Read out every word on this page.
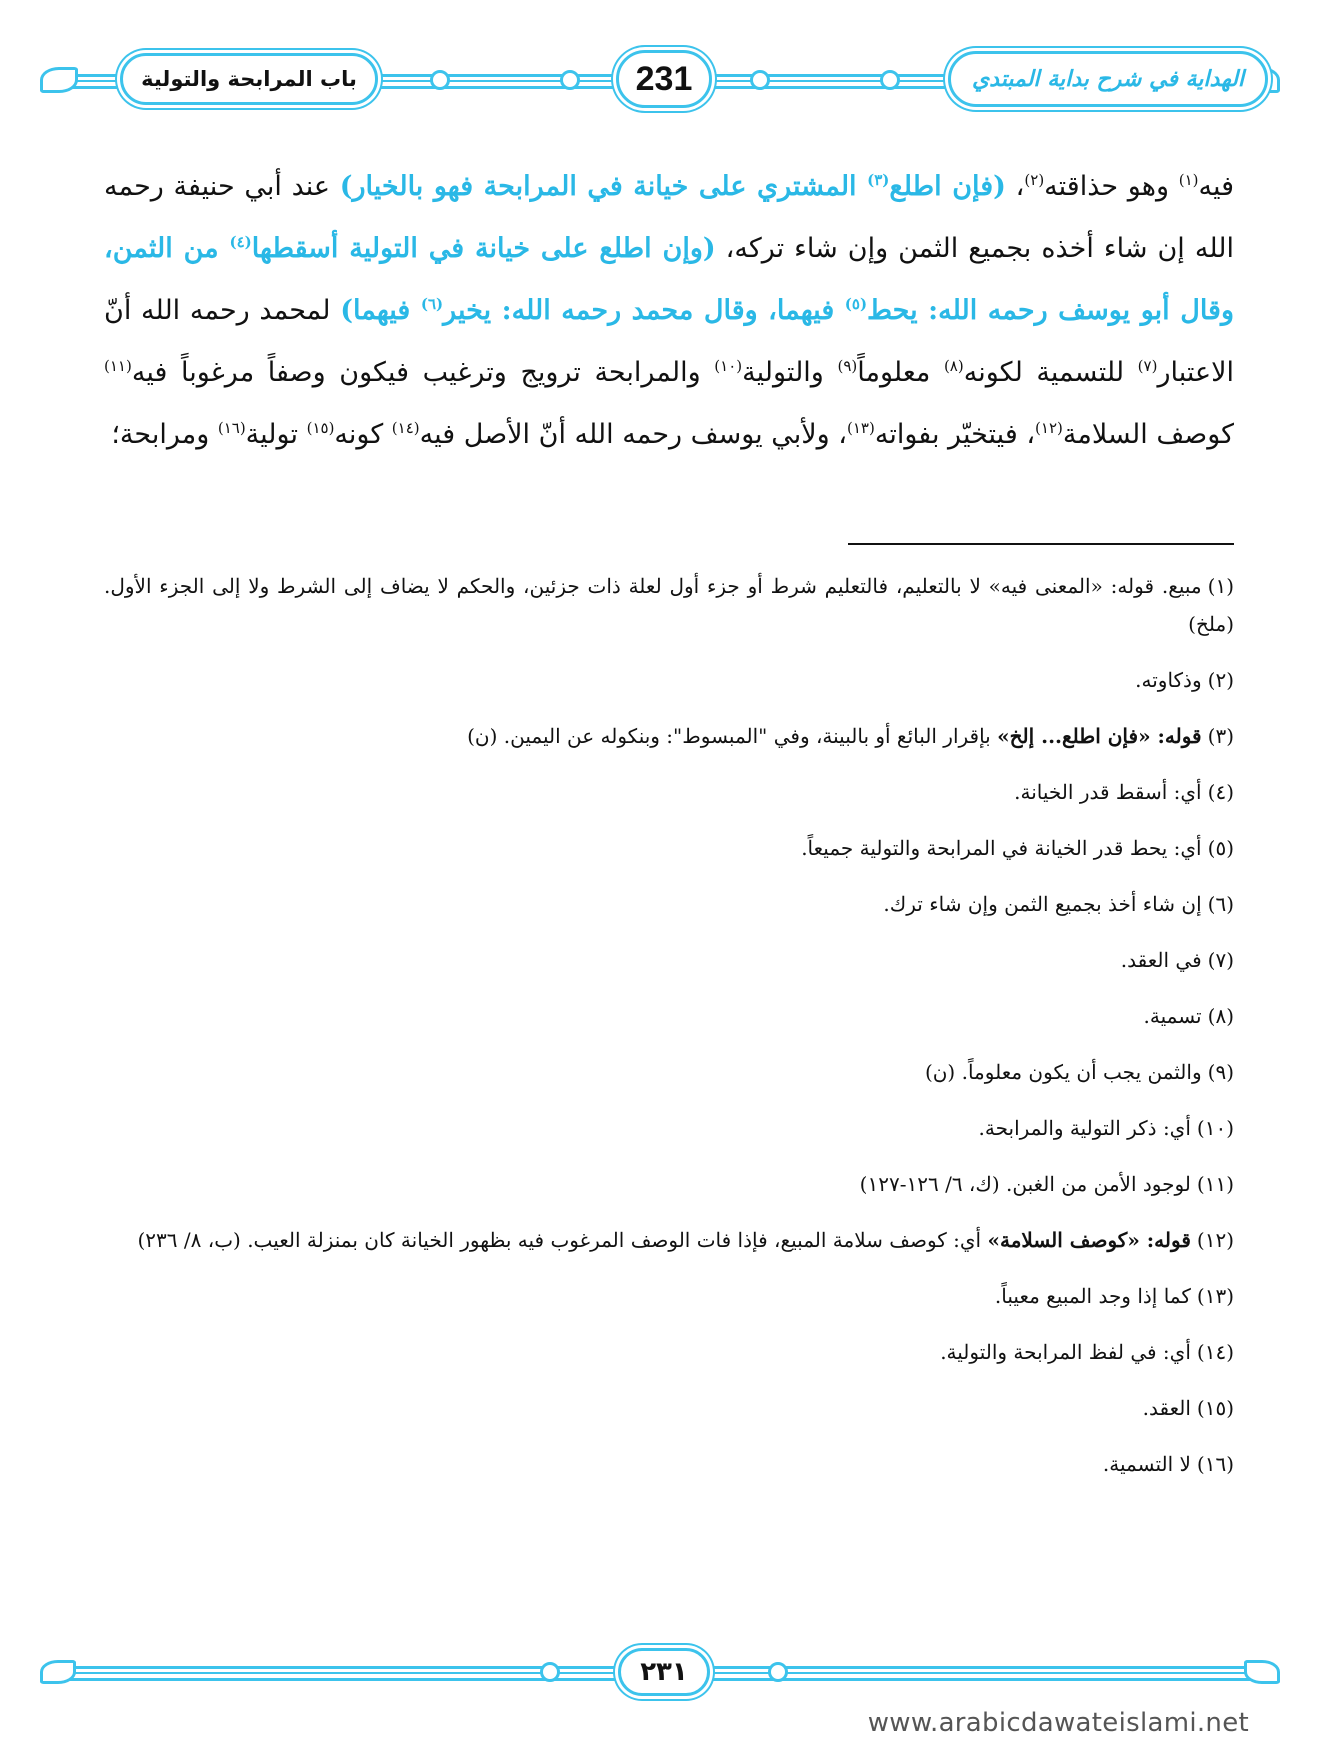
باب المرابحة والتولية	231	الهداية في شرح بداية المبتدي
فيه$^{(١)}$ وهو حذاقته$^{(٢)}$، (فإن اطلع$^{(٣)}$ المشتري على خيانة في المرابحة فهو بالخيار) عند أبي حنيفة رحمه الله إن شاء أخذه بجميع الثمن وإن شاء تركه، (وإن اطلع على خيانة في التولية أسقطها$^{(٤)}$ من الثمن، وقال أبو يوسف رحمه الله: يحط$^{(٥)}$ فيهما، وقال محمد رحمه الله: يخير$^{(٦)}$ فيهما) لمحمد رحمه الله أنّ الاعتبار$^{(٧)}$ للتسمية لكونه$^{(٨)}$ معلوماً$^{(٩)}$ والتولية$^{(١٠)}$ والمرابحة ترويج وترغيب فيكون وصفاً مرغوباً فيه$^{(١١)}$ كوصف السلامة$^{(١٢)}$، فيتخيّر بفواته$^{(١٣)}$، ولأبي يوسف رحمه الله أنّ الأصل فيه$^{(١٤)}$ كونه$^{(١٥)}$ تولية$^{(١٦)}$ ومرابحة؛
(١)مبيع. قوله: «المعنى فيه» لا بالتعليم، فالتعليم شرط أو جزء أول لعلة ذات جزئين، والحكم لا يضاف إلى الشرط ولا إلى الجزء الأول. (ملخ)
(٢)وذكاوته.
(٣)قوله: «فإن اطلع... إلخ» بإقرار البائع أو بالبينة، وفي "المبسوط": وبنكوله عن اليمين. (ن)
(٤)أي: أسقط قدر الخيانة.
(٥)أي: يحط قدر الخيانة في المرابحة والتولية جميعاً.
(٦)إن شاء أخذ بجميع الثمن وإن شاء ترك.
(٧)في العقد.
(٨)تسمية.
(٩)والثمن يجب أن يكون معلوماً. (ن)
(١٠)أي: ذكر التولية والمرابحة.
(١١)لوجود الأمن من الغبن. (ك، ٦/ ١٢٦-١٢٧)
(١٢)قوله: «كوصف السلامة» أي: كوصف سلامة المبيع، فإذا فات الوصف المرغوب فيه بظهور الخيانة كان بمنزلة العيب. (ب، ٨/ ٢٣٦)
(١٣)كما إذا وجد المبيع معيباً.
(١٤)أي: في لفظ المرابحة والتولية.
(١٥)العقد.
(١٦)لا التسمية.
٢٣١
www.arabicdawateislami.net
